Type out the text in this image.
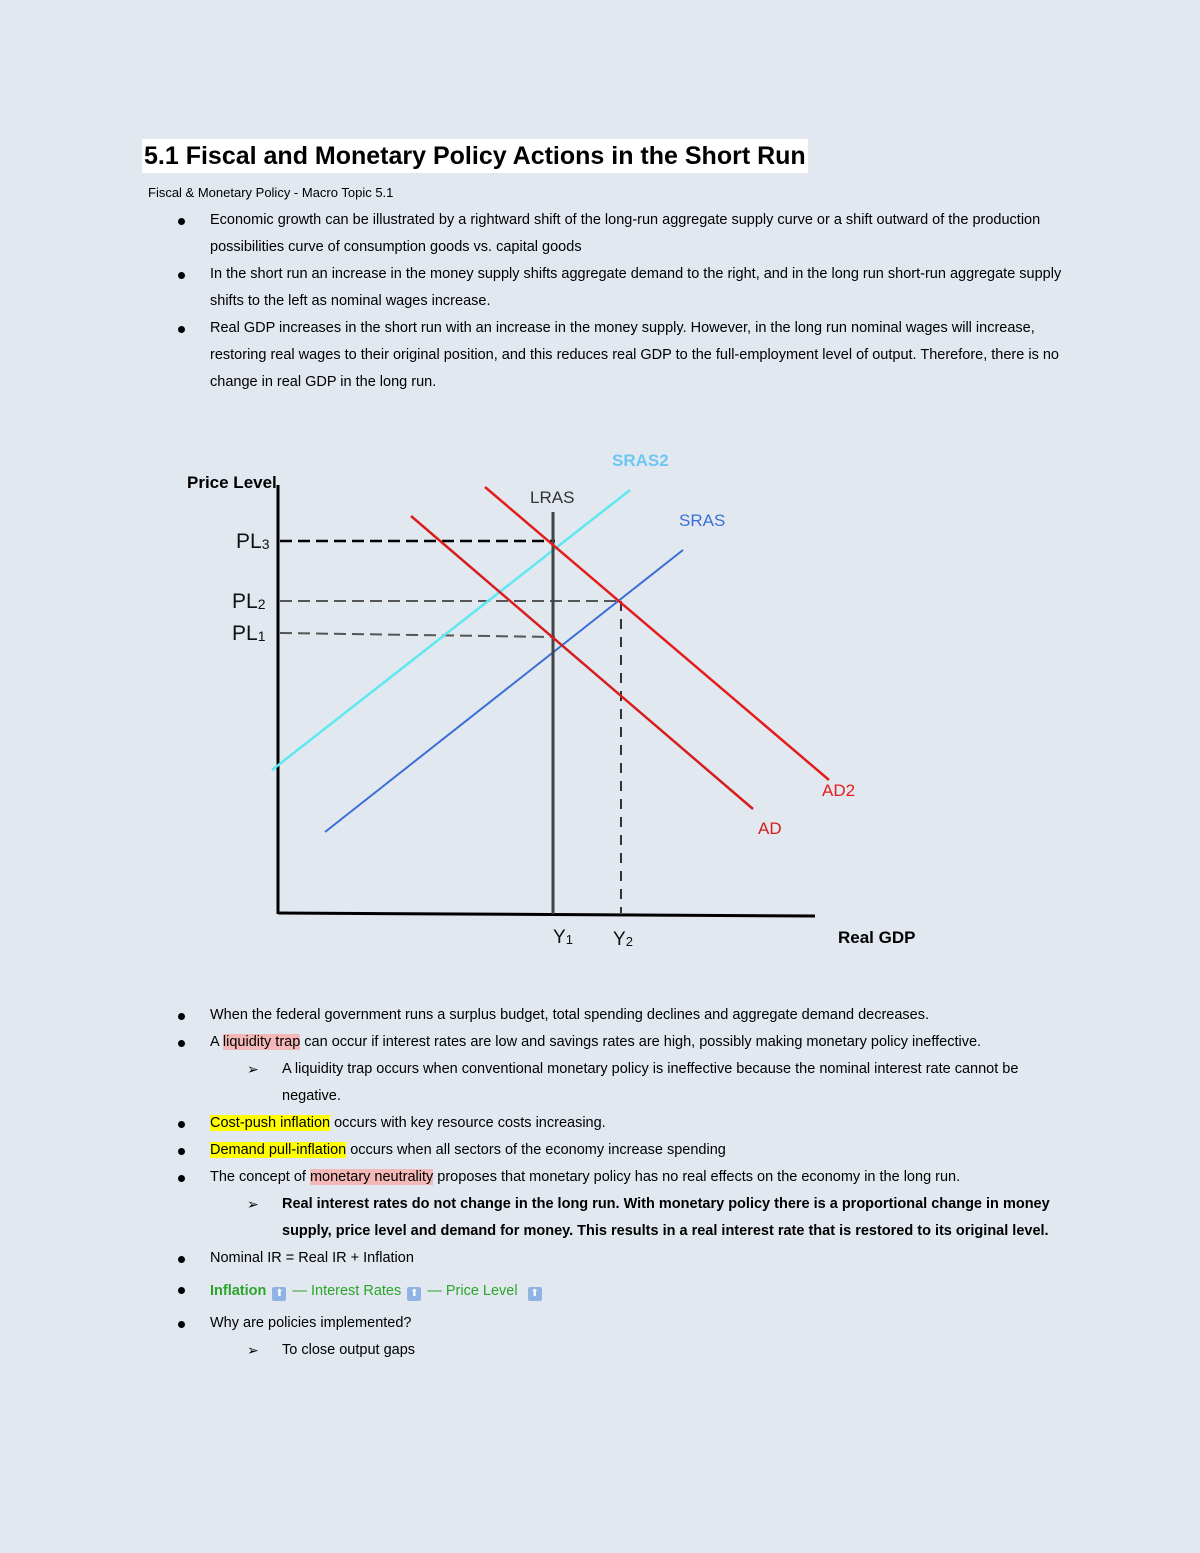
5.1 Fiscal and Monetary Policy Actions in the Short Run

Fiscal & Monetary Policy - Macro Topic 5.1

Economic growth can be illustrated by a rightward shift of the long-run aggregate supply curve or a shift outward of the production possibilities curve of consumption goods vs. capital goods
In the short run an increase in the money supply shifts aggregate demand to the right, and in the long run short-run aggregate supply shifts to the left as nominal wages increase.
Real GDP increases in the short run with an increase in the money supply. However, in the long run nominal wages will increase, restoring real wages to their original position, and this reduces real GDP to the full-employment level of output. Therefore, there is no change in real GDP in the long run.
Price Level
Real GDP
SRAS2
SRAS
LRAS
AD
AD2
PL3
PL2
PL1
Y1 Y2
When the federal government runs a surplus budget, total spending declines and aggregate demand decreases.
A liquidity trap can occur if interest rates are low and savings rates are high, possibly making monetary policy ineffective.
➢ A liquidity trap occurs when conventional monetary policy is ineffective because the nominal interest rate cannot be negative.
Cost-push inflation occurs with key resource costs increasing.
Demand pull-inflation occurs when all sectors of the economy increase spending
The concept of monetary neutrality proposes that monetary policy has no real effects on the economy in the long run.
➢ Real interest rates do not change in the long run. With monetary policy there is a proportional change in money supply, price level and demand for money. This results in a real interest rate that is restored to its original level.
Nominal IR = Real IR + Inflation
Inflation ⬆ — Interest Rates ⬆ — Price Level ⬆
Why are policies implemented?
➢ To close output gaps
